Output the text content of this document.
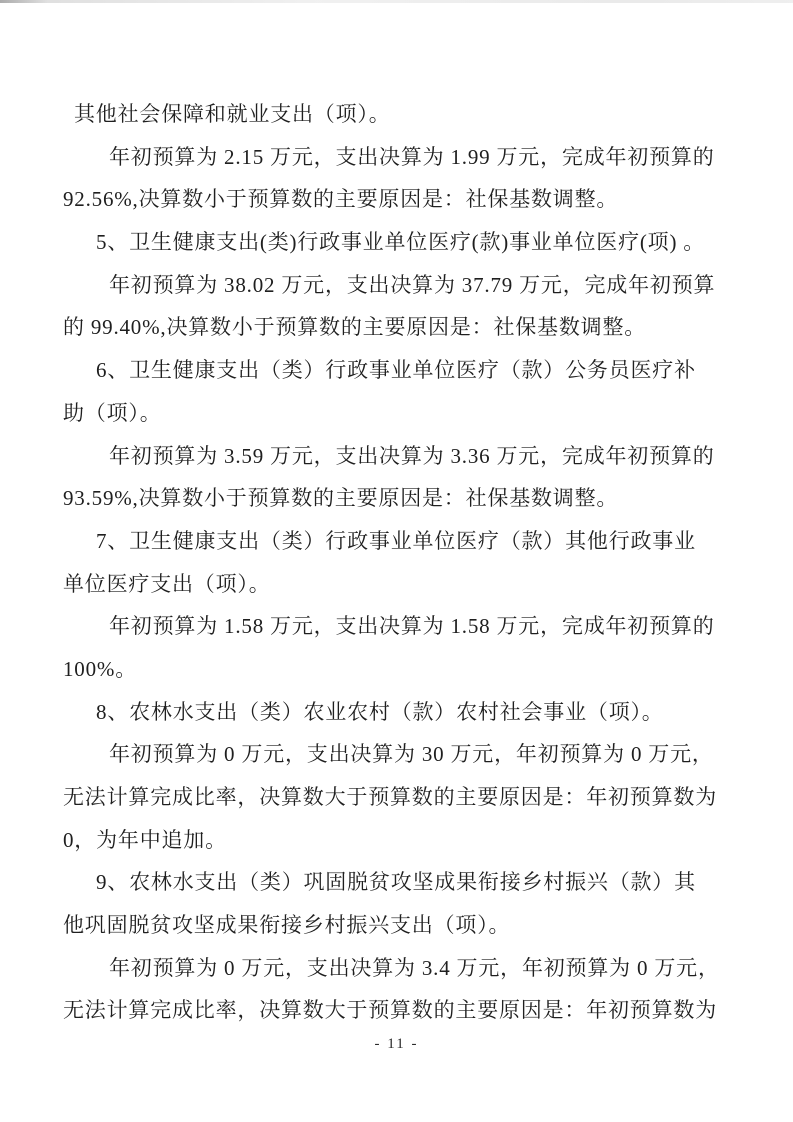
其他社会保障和就业支出（项）。
年初预算为 2.15 万元，支出决算为 1.99 万元，完成年初预算的
92.56%,决算数小于预算数的主要原因是：社保基数调整。
5、卫生健康支出(类)行政事业单位医疗(款)事业单位医疗(项) 。
年初预算为 38.02 万元，支出决算为 37.79 万元，完成年初预算
的 99.40%,决算数小于预算数的主要原因是：社保基数调整。
6、卫生健康支出（类）行政事业单位医疗（款）公务员医疗补
助（项）。
年初预算为 3.59 万元，支出决算为 3.36 万元，完成年初预算的
93.59%,决算数小于预算数的主要原因是：社保基数调整。
7、卫生健康支出（类）行政事业单位医疗（款）其他行政事业
单位医疗支出（项）。
年初预算为 1.58 万元，支出决算为 1.58 万元，完成年初预算的
100%。
8、农林水支出（类）农业农村（款）农村社会事业（项）。
年初预算为 0 万元，支出决算为 30 万元，年初预算为 0 万元，
无法计算完成比率，决算数大于预算数的主要原因是：年初预算数为
0，为年中追加。
9、农林水支出（类）巩固脱贫攻坚成果衔接乡村振兴（款）其
他巩固脱贫攻坚成果衔接乡村振兴支出（项）。
年初预算为 0 万元，支出决算为 3.4 万元，年初预算为 0 万元，
无法计算完成比率，决算数大于预算数的主要原因是：年初预算数为
- 11 -
